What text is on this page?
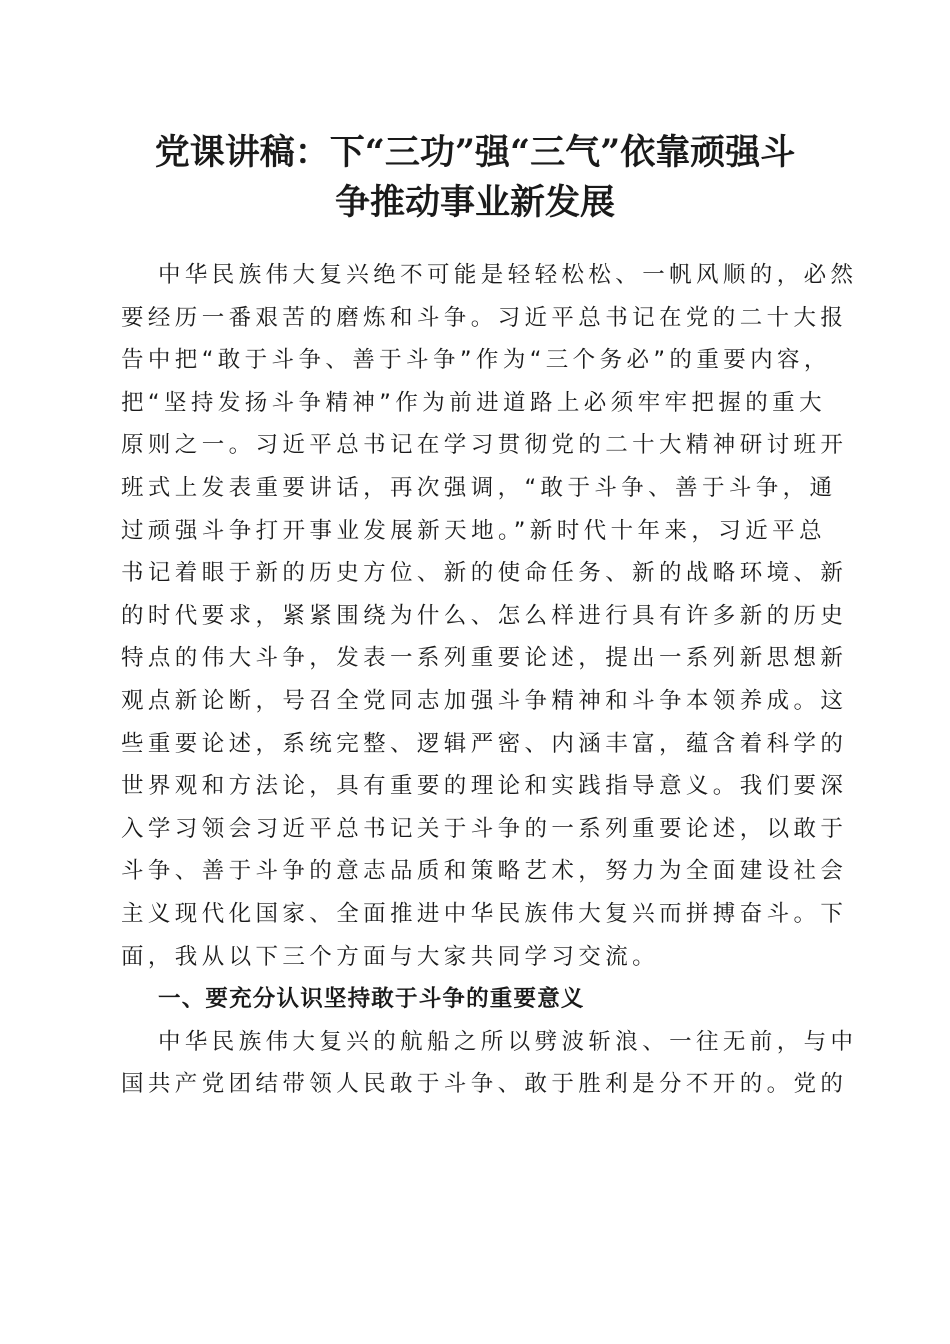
党课讲稿：下“三功”强“三气”依靠顽强斗
争推动事业新发展
中华民族伟大复兴绝不可能是轻轻松松、一帆风顺的，必然
要经历一番艰苦的磨炼和斗争。习近平总书记在党的二十大报
告中把“敢于斗争、善于斗争”作为“三个务必”的重要内容，
把“坚持发扬斗争精神”作为前进道路上必须牢牢把握的重大
原则之一。习近平总书记在学习贯彻党的二十大精神研讨班开
班式上发表重要讲话，再次强调，“敢于斗争、善于斗争，通
过顽强斗争打开事业发展新天地。”新时代十年来，习近平总
书记着眼于新的历史方位、新的使命任务、新的战略环境、新
的时代要求，紧紧围绕为什么、怎么样进行具有许多新的历史
特点的伟大斗争，发表一系列重要论述，提出一系列新思想新
观点新论断，号召全党同志加强斗争精神和斗争本领养成。这
些重要论述，系统完整、逻辑严密、内涵丰富，蕴含着科学的
世界观和方法论，具有重要的理论和实践指导意义。我们要深
入学习领会习近平总书记关于斗争的一系列重要论述，以敢于
斗争、善于斗争的意志品质和策略艺术，努力为全面建设社会
主义现代化国家、全面推进中华民族伟大复兴而拼搏奋斗。下
面，我从以下三个方面与大家共同学习交流。
一、要充分认识坚持敢于斗争的重要意义
中华民族伟大复兴的航船之所以劈波斩浪、一往无前，与中
国共产党团结带领人民敢于斗争、敢于胜利是分不开的。党的
